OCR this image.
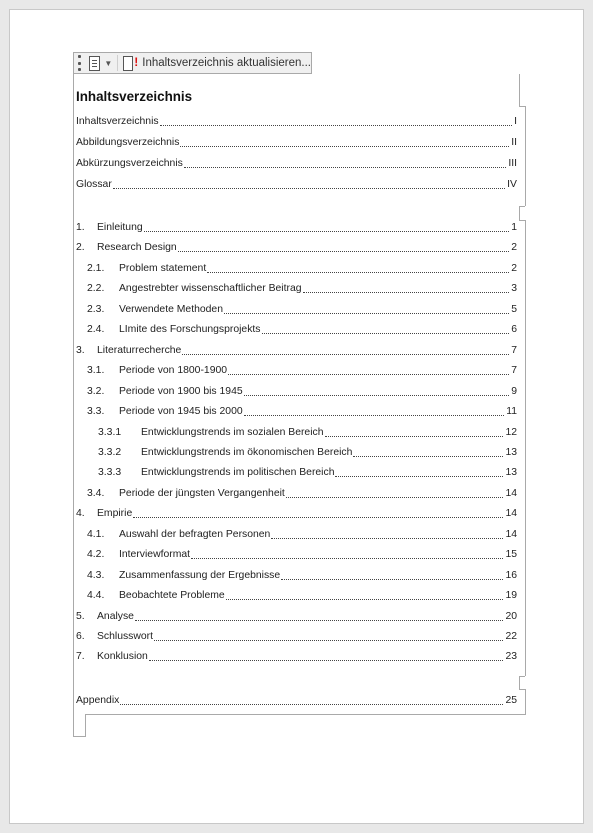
▼
!	Inhaltsverzeichnis aktualisieren...
Inhaltsverzeichnis
Inhaltsverzeichnis	I
Abbildungsverzeichnis	II
Abkürzungsverzeichnis	III
Glossar	IV
1.	Einleitung	1
2.	Research Design	2
2.1.	Problem statement	2
2.2.	Angestrebter wissenschaftlicher Beitrag	3
2.3.	Verwendete Methoden	5
2.4.	LImite des Forschungsprojekts	6
3.	Literaturrecherche	7
3.1.	Periode von 1800-1900	7
3.2.	Periode von 1900 bis 1945	9
3.3.	Periode von 1945 bis 2000	11
3.3.1	Entwicklungstrends im sozialen Bereich	12
3.3.2	Entwicklungstrends im ökonomischen Bereich	13
3.3.3	Entwicklungstrends im politischen Bereich	13
3.4.	Periode der jüngsten Vergangenheit	14
4.	Empirie	14
4.1.	Auswahl der befragten Personen	14
4.2.	Interviewformat	15
4.3.	Zusammenfassung der Ergebnisse	16
4.4.	Beobachtete Probleme	19
5.	Analyse	20
6.	Schlusswort	22
7.	Konklusion	23
Appendix	25
